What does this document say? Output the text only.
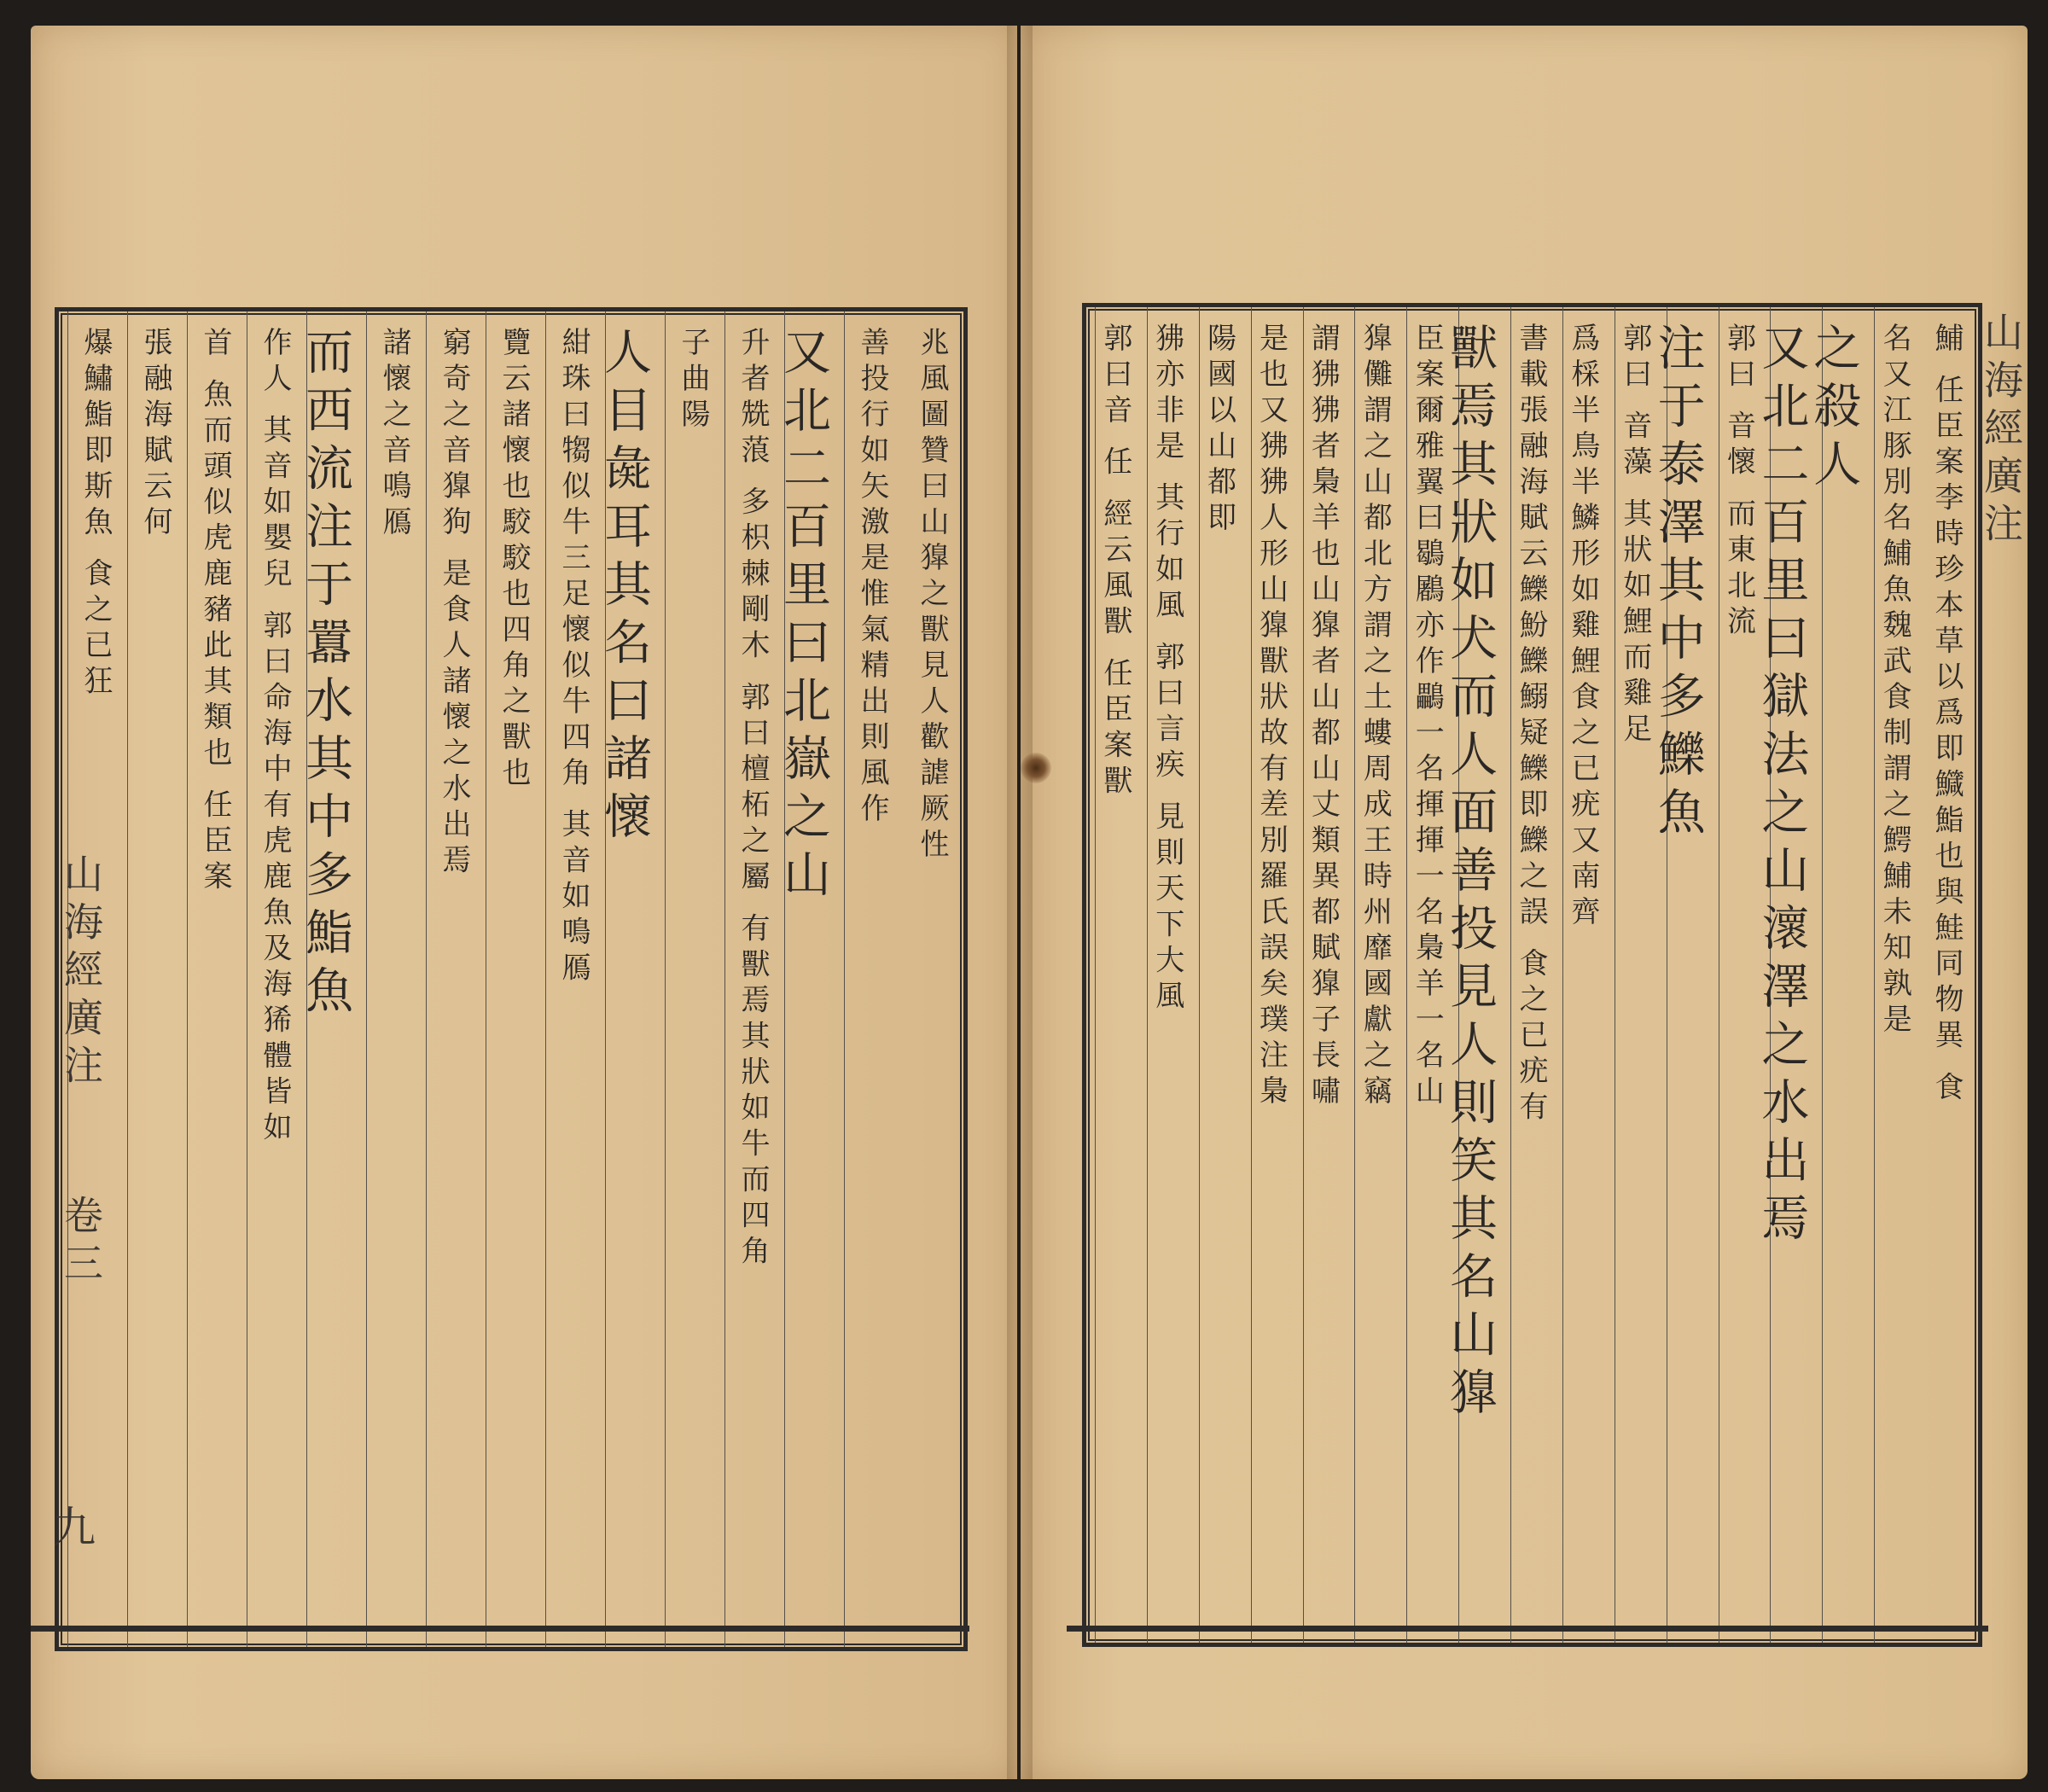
兆風圖贊曰山獋之獸見人歡謔厥性
善投行如矢激是惟氣精出則風作
又北二百里曰北嶽之山
升者兟蒗 多枳棘剛木 郭曰檀柘之屬 有獸焉其狀如牛而四角
子曲陽
人目彘耳其名曰諸懷
紺珠曰犓似牛三足懷似牛四角 其音如鳴鴈
覽云諸懷也駮駮也四角之獸也
窮奇之音獋狗 是食人諸懷之水出焉
諸懷之音鳴鴈
而西流注于囂水其中多鮨魚
作人 其音如嬰兒 郭曰命海中有虎鹿魚及海狶體皆如
首 魚而頭似虎鹿豬此其類也 任臣案
張融海賦云何
爆鱐鮨即斯魚 食之已狂
山海經廣注
卷三
九
鯆 任臣案李時珍本草以爲即鱵鮨也與鮭同物異 食
名又江豚別名鯆魚魏武食制謂之鰐鯆未知孰是
之殺人
又北二百里曰獄法之山瀤澤之水出焉
郭曰 音懷 而東北流
注于泰澤其中多鱳魚
郭曰 音藻 其狀如鯉而雞足
爲棌半鳥半鱗形如雞鯉食之已疣又南齊
書載張融海賦云鱳魵鱳鰯疑鱳即鱳之誤 食之已疣有
獸焉其狀如犬而人面善投見人則笑其名山獋
臣案爾雅翼曰鶡鷵亦作鸓一名揮揮一名梟羊一名山
獋儺謂之山都北方謂之土螻周成王時州靡國獻之竊
謂狒狒者梟羊也山獋者山都山丈類異都賦獋子長嘯
是也又狒狒人形山獋獸狀故有差別羅氏誤矣璞注梟
陽國以山都即
狒亦非是 其行如風 郭曰言疾 見則天下大風
郭曰音 任 經云風獸 任臣案獸	山海經廣注
